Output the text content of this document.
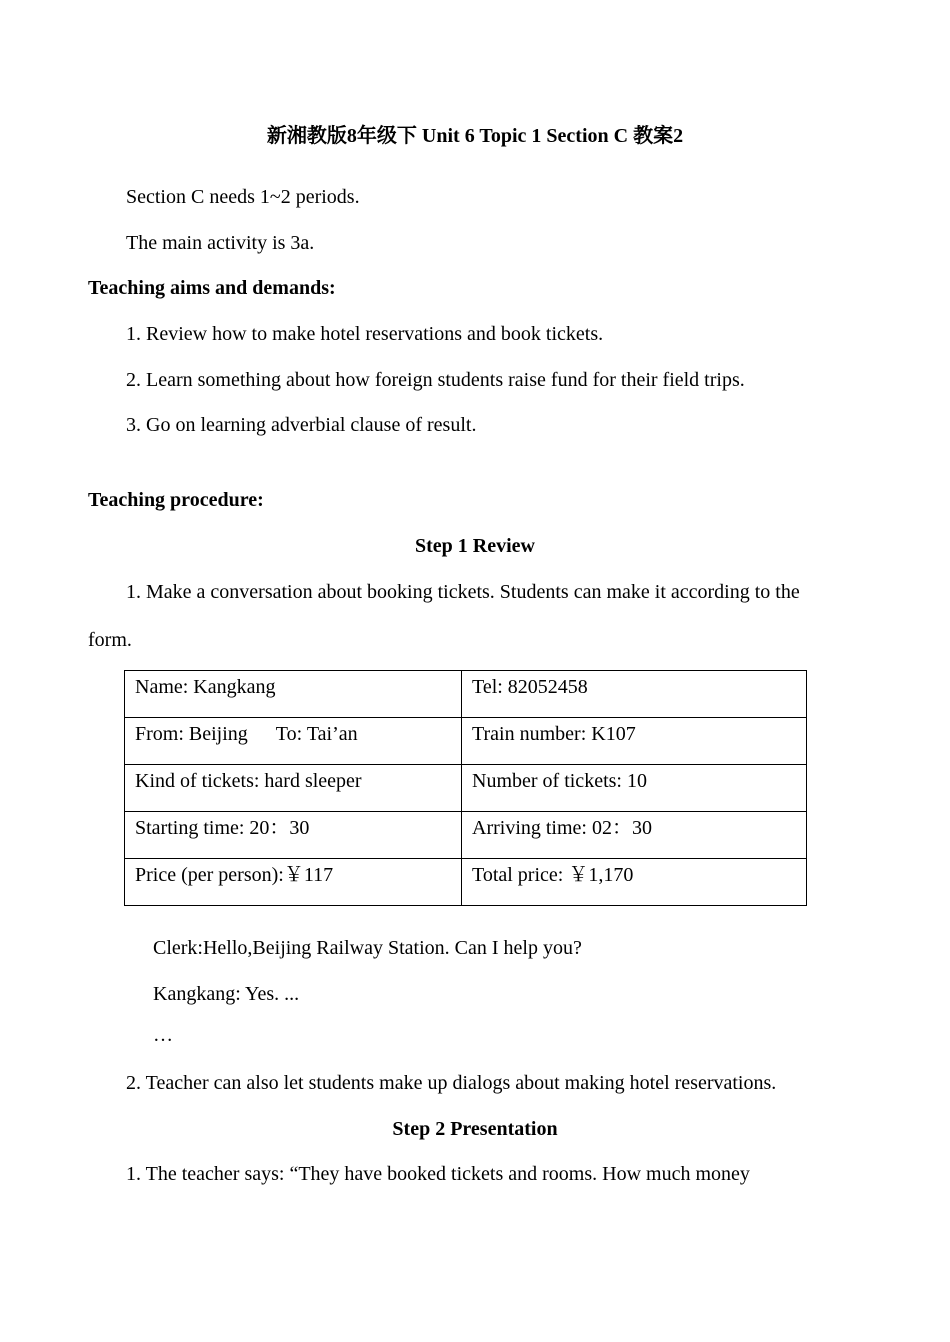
新湘教版8年级下 Unit 6 Topic 1 Section C 教案2
Section C needs 1~2 periods.
The main activity is 3a.
Teaching aims and demands:
1. Review how to make hotel reservations and book tickets.
2. Learn something about how foreign students raise fund for their field trips.
3. Go on learning adverbial clause of result.
Teaching procedure:
Step 1 Review
1. Make a conversation about booking tickets. Students can make it according to the
form.
Name: Kangkang	Tel: 82052458
From: Beijing To: Tai’an	Train number: K107
Kind of tickets: hard sleeper	Number of tickets: 10
Starting time: 20：30	Arriving time: 02：30
Price (per person):￥117	Total price: ￥1,170
Clerk:Hello,Beijing Railway Station. Can I help you?
Kangkang: Yes. ...
…
2. Teacher can also let students make up dialogs about making hotel reservations.
Step 2 Presentation
1. The teacher says: “They have booked tickets and rooms. How much money
